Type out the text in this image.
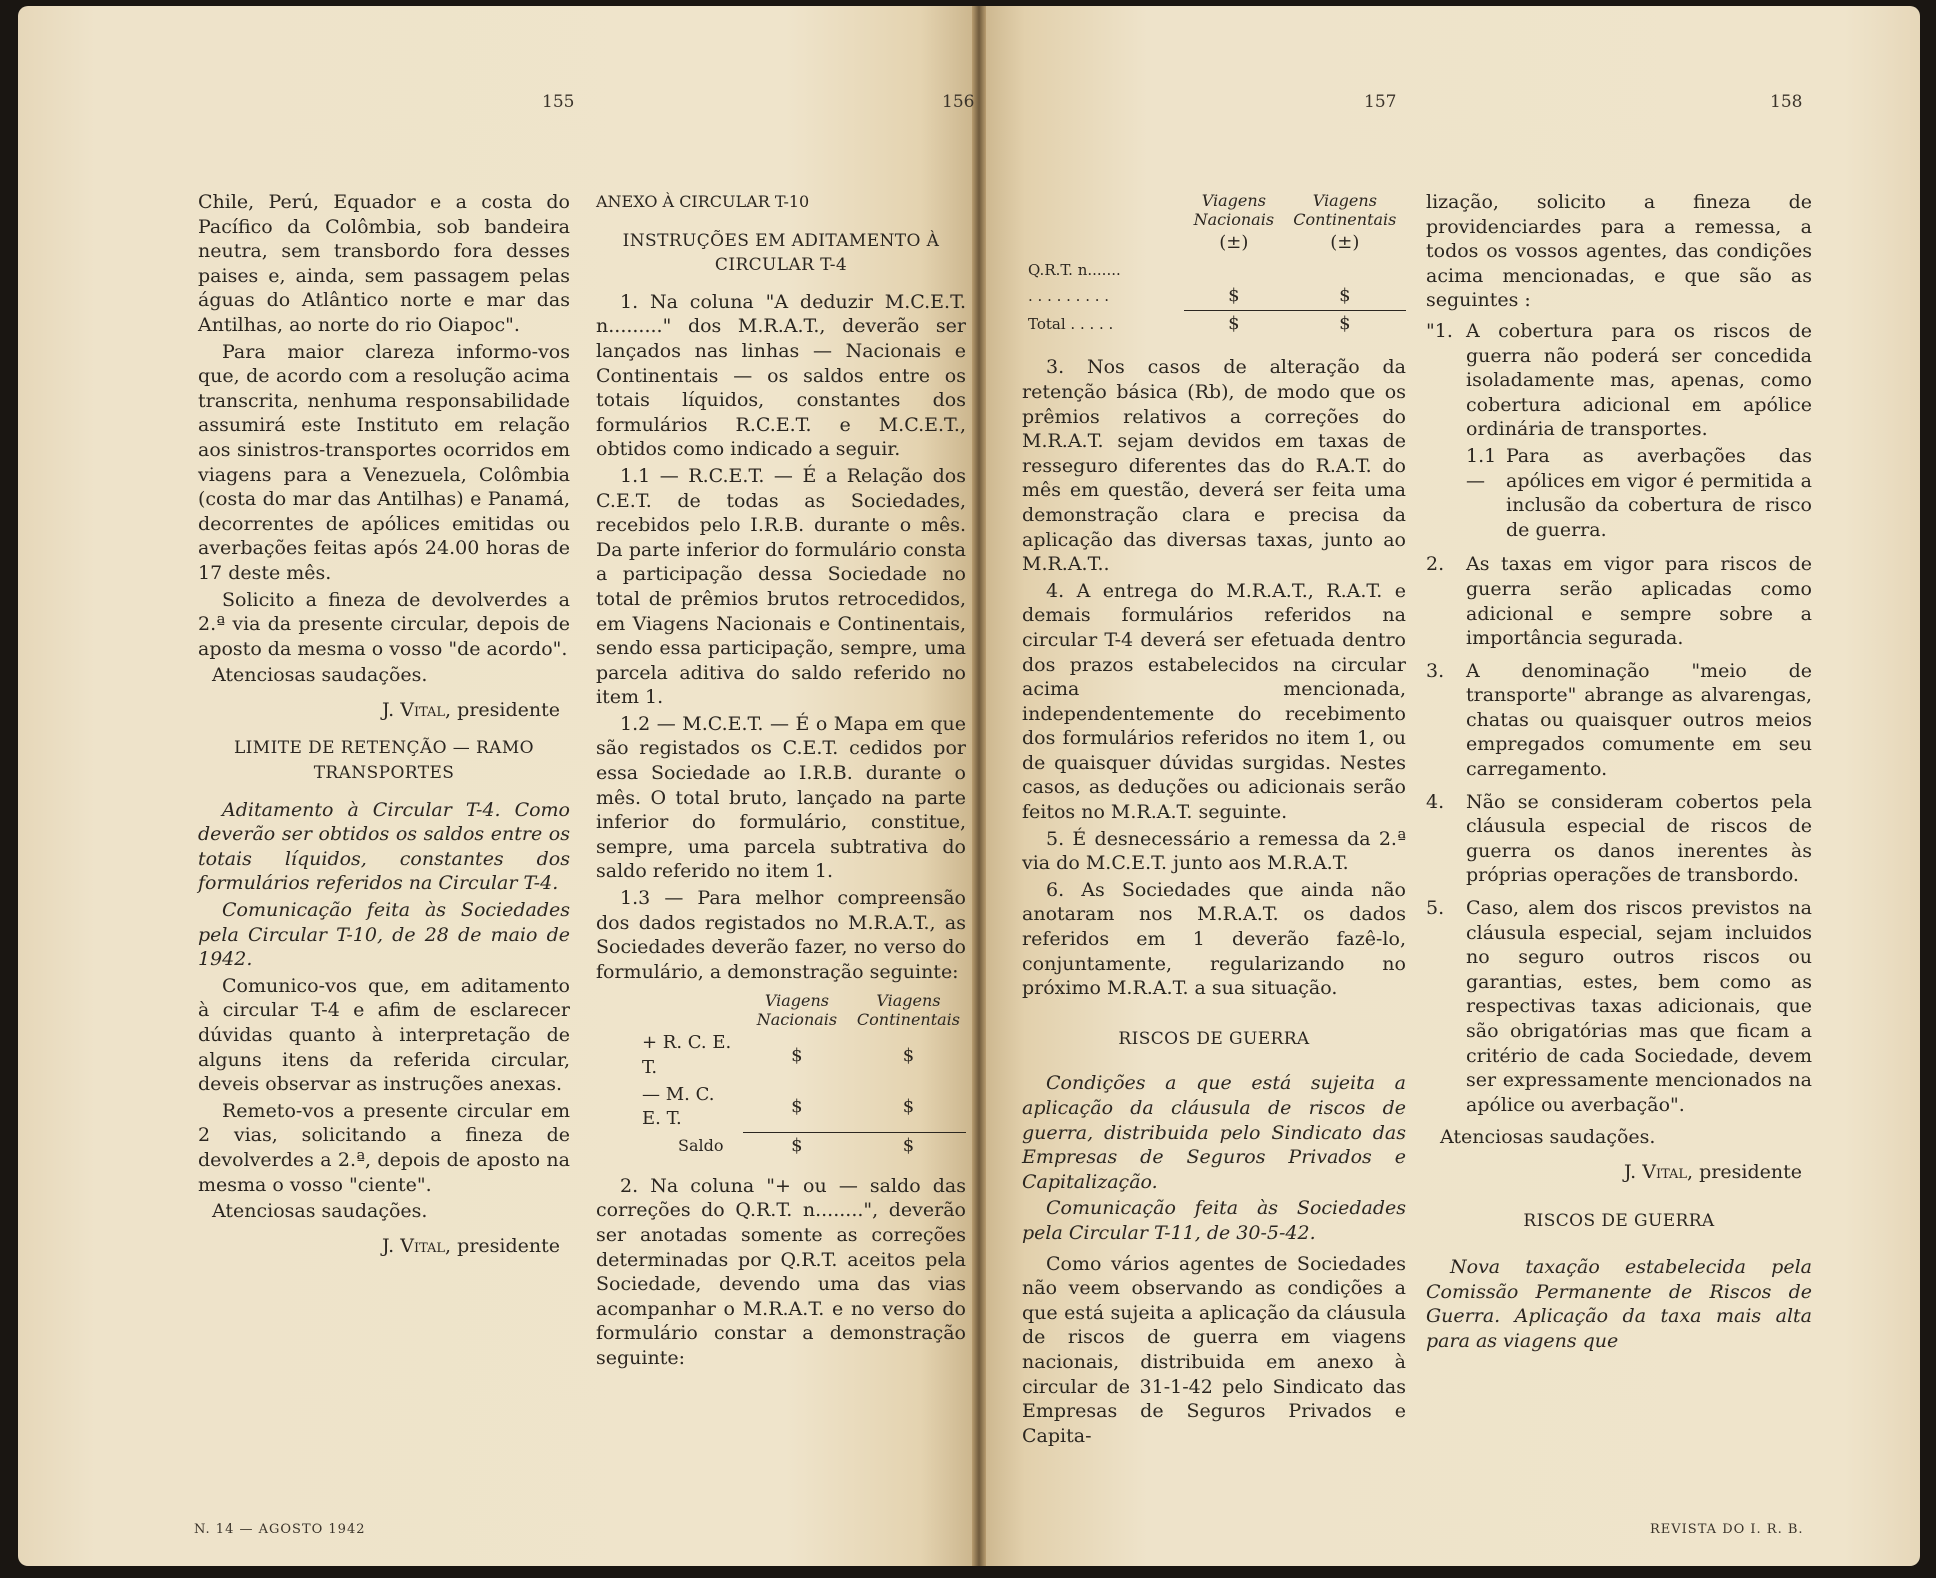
155	156	157	158

Chile, Perú, Equador e a costa do Pacífico da Colômbia, sob bandeira neutra, sem transbordo fora desses paises e, ainda, sem passagem pelas águas do Atlântico norte e mar das Antilhas, ao norte do rio Oiapoc".

Para maior clareza informo-vos que, de acordo com a resolução acima transcrita, nenhuma responsabilidade assumirá este Instituto em relação aos sinistros-transportes ocorridos em viagens para a Venezuela, Colômbia (costa do mar das Antilhas) e Panamá, decorrentes de apólices emitidas ou averbações feitas após 24.00 horas de 17 deste mês.

Solicito a fineza de devolverdes a 2.ª via da presente circular, depois de aposto da mesma o vosso "de acordo".

Atenciosas saudações.

J. Vital, presidente
LIMITE DE RETENÇÃO — RAMO
TRANSPORTES

Aditamento à Circular T-4. Como deverão ser obtidos os saldos entre os totais líquidos, constantes dos formulários referidos na Circular T-4.

Comunicação feita às Sociedades pela Circular T-10, de 28 de maio de 1942.

Comunico-vos que, em aditamento à circular T-4 e afim de esclarecer dúvidas quanto à interpretação de alguns itens da referida circular, deveis observar as instruções anexas.

Remeto-vos a presente circular em 2 vias, solicitando a fineza de devolverdes a 2.ª, depois de aposto na mesma o vosso "ciente".

Atenciosas saudações.

J. Vital, presidente
ANEXO À CIRCULAR T-10
INSTRUÇÕES EM ADITAMENTO À
CIRCULAR T-4

1. Na coluna "A deduzir M.C.E.T. n........." dos M.R.A.T., deverão ser lançados nas linhas — Nacionais e Continentais — os saldos entre os totais líquidos, constantes dos formulários R.C.E.T. e M.C.E.T., obtidos como indicado a seguir.

1.1 — R.C.E.T. — É a Relação dos C.E.T. de todas as Sociedades, recebidos pelo I.R.B. durante o mês. Da parte inferior do formulário consta a participação dessa Sociedade no total de prêmios brutos retrocedidos, em Viagens Nacionais e Continentais, sendo essa participação, sempre, uma parcela aditiva do saldo referido no item 1.

1.2 — M.C.E.T. — É o Mapa em que são registados os C.E.T. cedidos por essa Sociedade ao I.R.B. durante o mês. O total bruto, lançado na parte inferior do formulário, constitue, sempre, uma parcela subtrativa do saldo referido no item 1.

1.3 — Para melhor compreensão dos dados registados no M.R.A.T., as Sociedades deverão fazer, no verso do formulário, a demonstração seguinte:

	Viagens Nacionais	Viagens Continentais
+ R. C. E. T.	$	$
— M. C. E. T.	$	$
Saldo	$	$

2. Na coluna "+ ou — saldo das correções do Q.R.T. n........", deverão ser anotadas somente as correções determinadas por Q.R.T. aceitos pela Sociedade, devendo uma das vias acompanhar o M.R.A.T. e no verso do formulário constar a demonstração seguinte:

	Viagens Nacionais	Viagens Continentais
	(±)	(±)
Q.R.T. n.......		
. . . . . . . . .	$	$
Total . . . . .	$	$

3. Nos casos de alteração da retenção básica (Rb), de modo que os prêmios relativos a correções do M.R.A.T. sejam devidos em taxas de resseguro diferentes das do R.A.T. do mês em questão, deverá ser feita uma demonstração clara e precisa da aplicação das diversas taxas, junto ao M.R.A.T..

4. A entrega do M.R.A.T., R.A.T. e demais formulários referidos na circular T-4 deverá ser efetuada dentro dos prazos estabelecidos na circular acima mencionada, independentemente do recebimento dos formulários referidos no item 1, ou de quaisquer dúvidas surgidas. Nestes casos, as deduções ou adicionais serão feitos no M.R.A.T. seguinte.

5. É desnecessário a remessa da 2.ª via do M.C.E.T. junto aos M.R.A.T.

6. As Sociedades que ainda não anotaram nos M.R.A.T. os dados referidos em 1 deverão fazê-lo, conjuntamente, regularizando no próximo M.R.A.T. a sua situação.

RISCOS DE GUERRA

Condições a que está sujeita a aplicação da cláusula de riscos de guerra, distribuida pelo Sindicato das Empresas de Seguros Privados e Capitalização.

Comunicação feita às Sociedades pela Circular T-11, de 30-5-42.

Como vários agentes de Sociedades não veem observando as condições a que está sujeita a aplicação da cláusula de riscos de guerra em viagens nacionais, distribuida em anexo à circular de 31-1-42 pelo Sindicato das Empresas de Seguros Privados e Capita-

lização, solicito a fineza de providenciardes para a remessa, a todos os vossos agentes, das condições acima mencionadas, e que são as seguintes :

"1. A cobertura para os riscos de guerra não poderá ser concedida isoladamente mas, apenas, como cobertura adicional em apólice ordinária de transportes.
1.1 —
Para as averbações das apólices em vigor é permitida a inclusão da cobertura de risco de guerra.
2.	As taxas em vigor para riscos de guerra serão aplicadas como adicional e sempre sobre a importância segurada.
3.	A denominação "meio de transporte" abrange as alvarengas, chatas ou quaisquer outros meios empregados comumente em seu carregamento.
4.	Não se consideram cobertos pela cláusula especial de riscos de guerra os danos inerentes às próprias operações de transbordo.
5.	Caso, alem dos riscos previstos na cláusula especial, sejam incluidos no seguro outros riscos ou garantias, estes, bem como as respectivas taxas adicionais, que são obrigatórias mas que ficam a critério de cada Sociedade, devem ser expressamente mencionados na apólice ou averbação".

Atenciosas saudações.

J. Vital, presidente
RISCOS DE GUERRA

Nova taxação estabelecida pela Comissão Permanente de Riscos de Guerra. Aplicação da taxa mais alta para as viagens que

N. 14 — AGOSTO 1942	REVISTA DO I. R. B.
